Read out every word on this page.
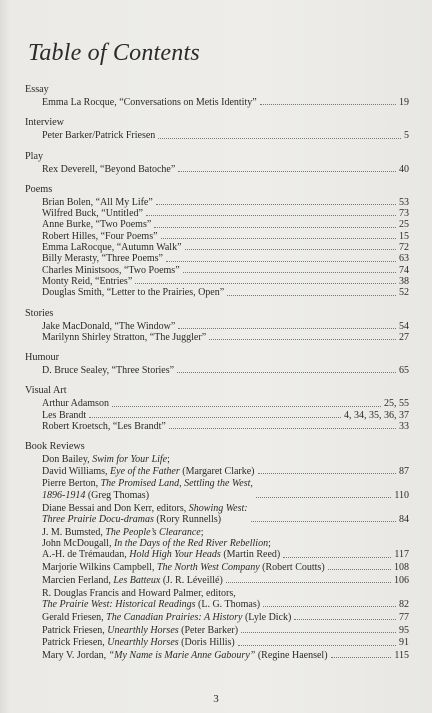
Table of Contents
Essay
Emma La Rocque, “Conversations on Metis Identity”	19
Interview
Peter Barker/Patrick Friesen	5
Play
Rex Deverell, “Beyond Batoche”	40
Poems
Brian Bolen, “All My Life”	53
Wilfred Buck, “Untitled”	73
Anne Burke, “Two Poems”	25
Robert Hilles, “Four Poems”	15
Emma LaRocque, “Autumn Walk”	72
Billy Merasty, “Three Poems”	63
Charles Ministsoos, “Two Poems”	74
Monty Reid, “Entries”	38
Douglas Smith, “Letter to the Prairies, Open”	52
Stories
Jake MacDonald, “The Window”	54
Marilynn Shirley Stratton, “The Juggler”	27
Humour
D. Bruce Sealey, “Three Stories”	65
Visual Art
Arthur Adamson	25, 55
Les Brandt	4, 34, 35, 36, 37
Robert Kroetsch, “Les Brandt”	33
Book Reviews
Don Bailey, Swim for Your Life;
David Williams, Eye of the Father (Margaret Clarke)	87
Pierre Berton, The Promised Land, Settling the West,
1896-1914 (Greg Thomas)	110
Diane Bessai and Don Kerr, editors, Showing West:
Three Prairie Docu-dramas (Rory Runnells)	84
J. M. Bumsted, The People’s Clearance;
John McDougall, In the Days of the Red River Rebellion;
A.-H. de Trémaudan, Hold High Your Heads (Martin Reed)	117
Marjorie Wilkins Campbell, The North West Company (Robert Coutts)	108
Marcien Ferland, Les Batteux (J. R. Léveillé)	106
R. Douglas Francis and Howard Palmer, editors,
The Prairie West: Historical Readings (L. G. Thomas)	82
Gerald Friesen, The Canadian Prairies: A History (Lyle Dick)	77
Patrick Friesen, Unearthly Horses (Peter Barker)	95
Patrick Friesen, Unearthly Horses (Doris Hillis)	91
Mary V. Jordan, “My Name is Marie Anne Gaboury” (Regine Haensel)	115
3
